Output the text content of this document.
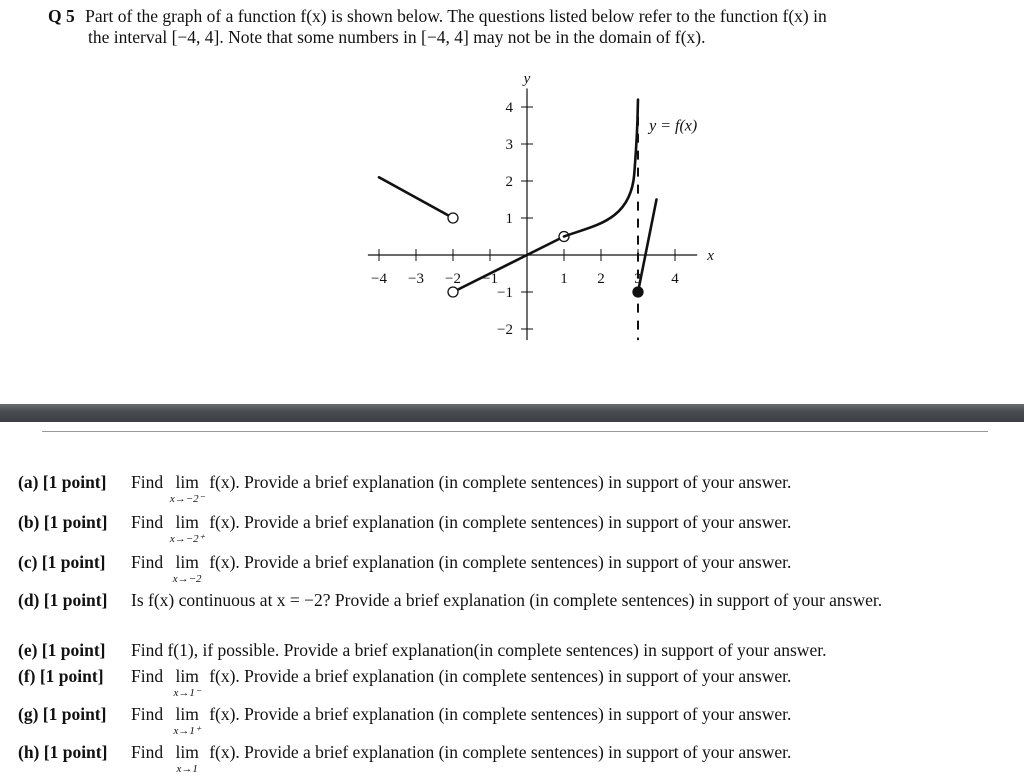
Q 5 Part of the graph of a function f(x) is shown below. The questions listed below refer to the function f(x) in
the interval [−4, 4]. Note that some numbers in [−4, 4] may not be in the domain of f(x).
−4 −3 −2 −1	1 2 3 4
4
3
2
1
−1
−2
y
x
y = f(x)
(a) [1 point] Find lim
x→−2⁻
f(x). Provide a brief explanation (in complete sentences) in support of your answer.
(b) [1 point] Find lim
x→−2⁺
f(x). Provide a brief explanation (in complete sentences) in support of your answer.
(c) [1 point] Find lim
x→−2
f(x). Provide a brief explanation (in complete sentences) in support of your answer.
(d) [1 point] Is f(x) continuous at x = −2? Provide a brief explanation (in complete sentences) in support of your answer.
(e) [1 point] Find f(1), if possible. Provide a brief explanation(in complete sentences) in support of your answer.
(f) [1 point] Find lim
x→1⁻
f(x). Provide a brief explanation (in complete sentences) in support of your answer.
(g) [1 point] Find lim
x→1⁺
f(x). Provide a brief explanation (in complete sentences) in support of your answer.
(h) [1 point] Find lim
x→1
f(x). Provide a brief explanation (in complete sentences) in support of your answer.
